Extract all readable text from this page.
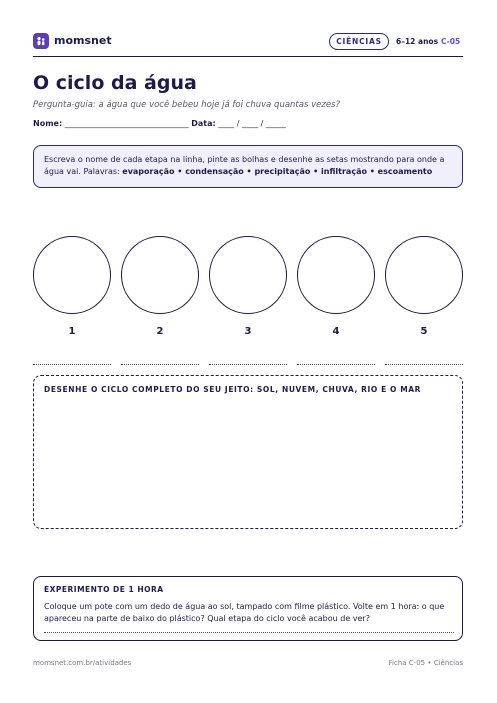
momsnet	CIÊNCIAS	6–12 anos C-05
O ciclo da água
Pergunta-guia: a água que você bebeu hoje já foi chuva quantas vezes?
Nome: _______________________________ Data: ____ / ____ / _____
Escreva o nome de cada etapa na linha, pinte as bolhas e desenhe as setas mostrando para onde a água vai. Palavras: evaporação • condensação • precipitação • infiltração • escoamento
1	2	3	4	5
DESENHE O CICLO COMPLETO DO SEU JEITO: SOL, NUVEM, CHUVA, RIO E O MAR
EXPERIMENTO DE 1 HORA
Coloque um pote com um dedo de água ao sol, tampado com filme plástico. Volte em 1 hora: o que apareceu na parte de baixo do plástico? Qual etapa do ciclo você acabou de ver?
momsnet.com.br/atividades	Ficha C-05 • Ciências
